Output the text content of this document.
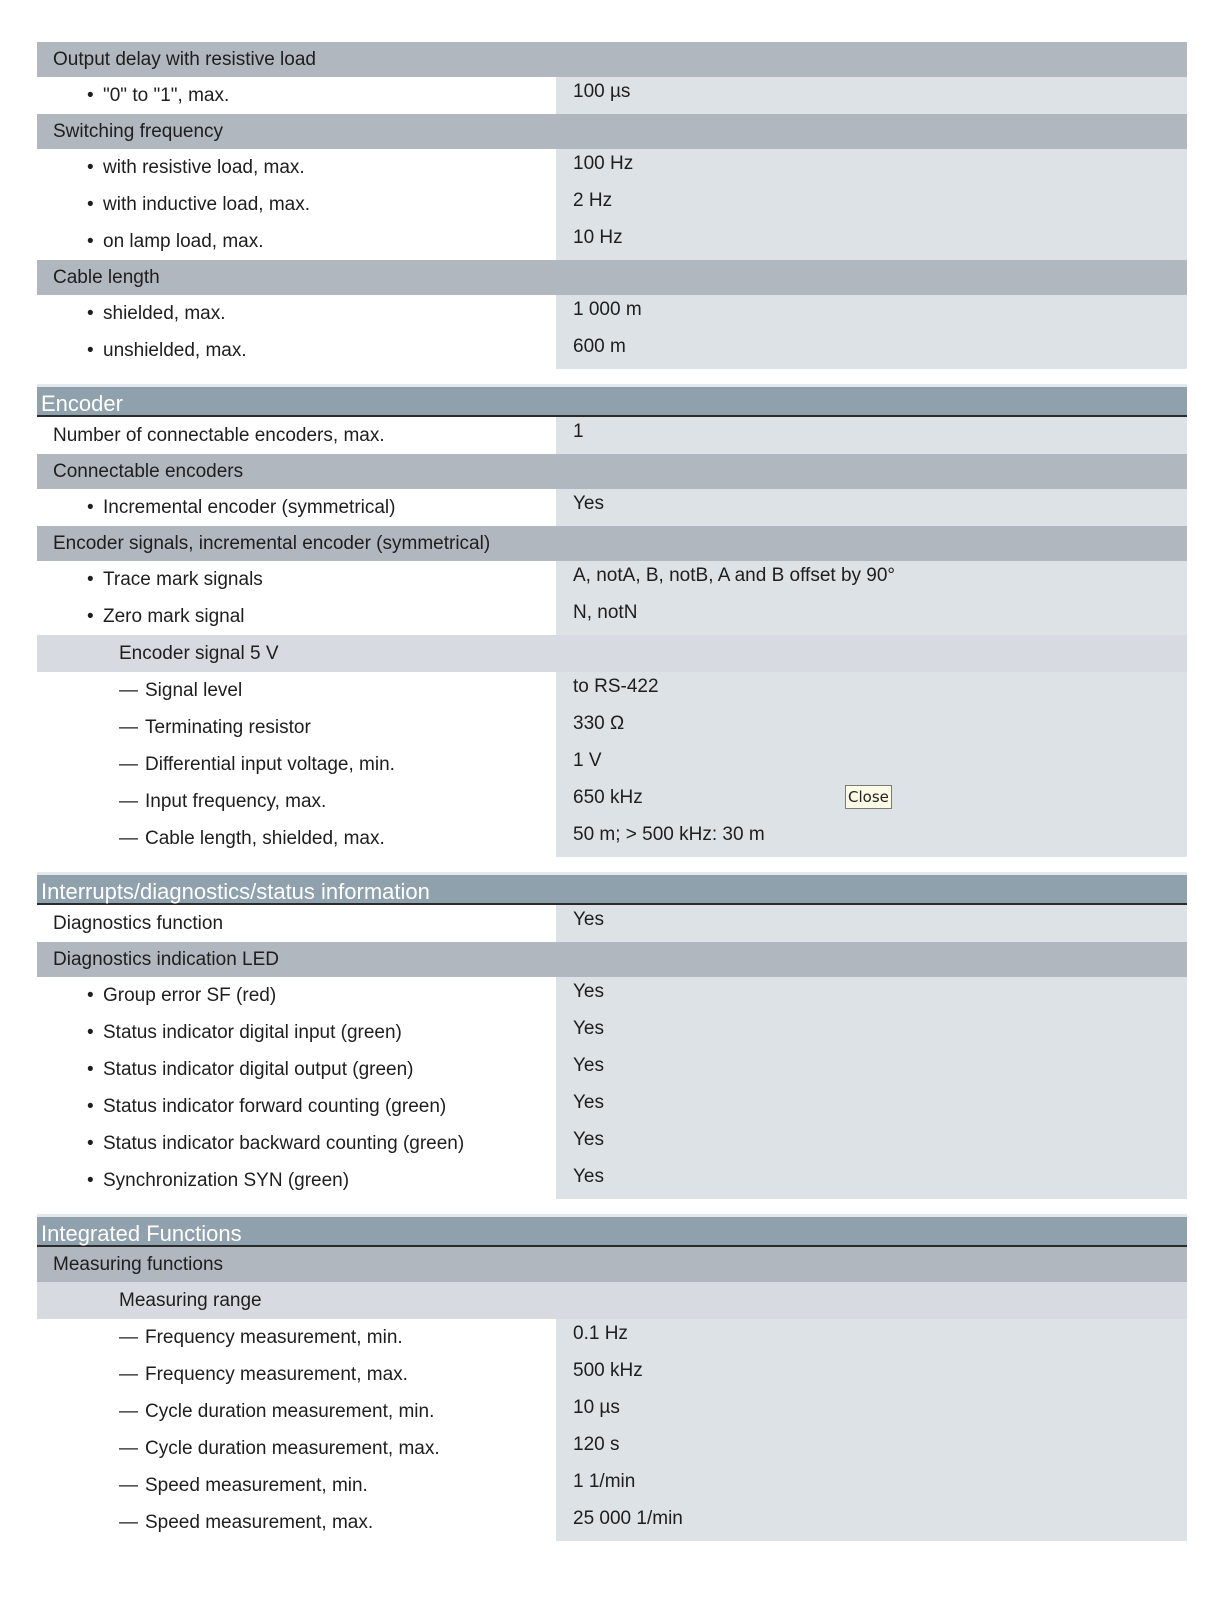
Output delay with resistive load
• "0" to "1", max.	100 µs
Switching frequency
• with resistive load, max.	100 Hz
• with inductive load, max.	2 Hz
• on lamp load, max.	10 Hz
Cable length
• shielded, max.	1 000 m
• unshielded, max.	600 m
Encoder
Number of connectable encoders, max.	1
Connectable encoders
• Incremental encoder (symmetrical)	Yes
Encoder signals, incremental encoder (symmetrical)
• Trace mark signals	A, notA, B, notB, A and B offset by 90°
• Zero mark signal	N, notN
Encoder signal 5 V
— Signal level	to RS-422
— Terminating resistor	330 Ω
— Differential input voltage, min.	1 V
— Input frequency, max.	650 kHz	Close
— Cable length, shielded, max.	50 m; > 500 kHz: 30 m
Interrupts/diagnostics/status information
Diagnostics function	Yes
Diagnostics indication LED
• Group error SF (red)	Yes
• Status indicator digital input (green)	Yes
• Status indicator digital output (green)	Yes
• Status indicator forward counting (green)	Yes
• Status indicator backward counting (green)	Yes
• Synchronization SYN (green)	Yes
Integrated Functions
Measuring functions
Measuring range
— Frequency measurement, min.	0.1 Hz
— Frequency measurement, max.	500 kHz
— Cycle duration measurement, min.	10 µs
— Cycle duration measurement, max.	120 s
— Speed measurement, min.	1 1/min
— Speed measurement, max.	25 000 1/min
